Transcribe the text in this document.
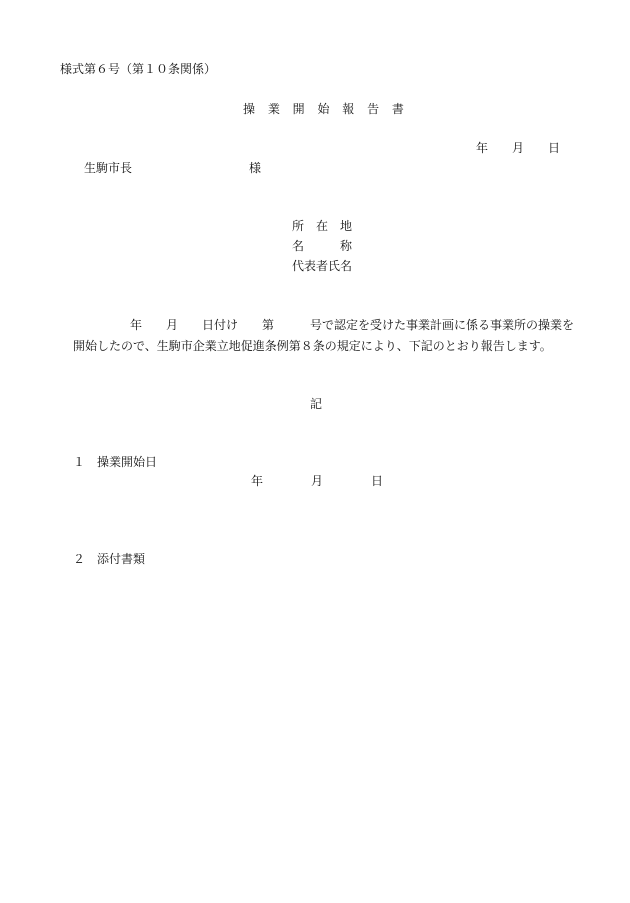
様式第６号（第１０条関係）

操 業 開 始 報 告 書

年　　月　　日

生駒市長	様

所　在　地

名　　　称

代表者氏名

年　　月　　日付け　　第　　　号で認定を受けた事業計画に係る事業所の操業を

開始したので、生駒市企業立地促進条例第８条の規定により、下記のとおり報告します。

記

１　操業開始日

年　　　　月　　　　日

２　添付書類
